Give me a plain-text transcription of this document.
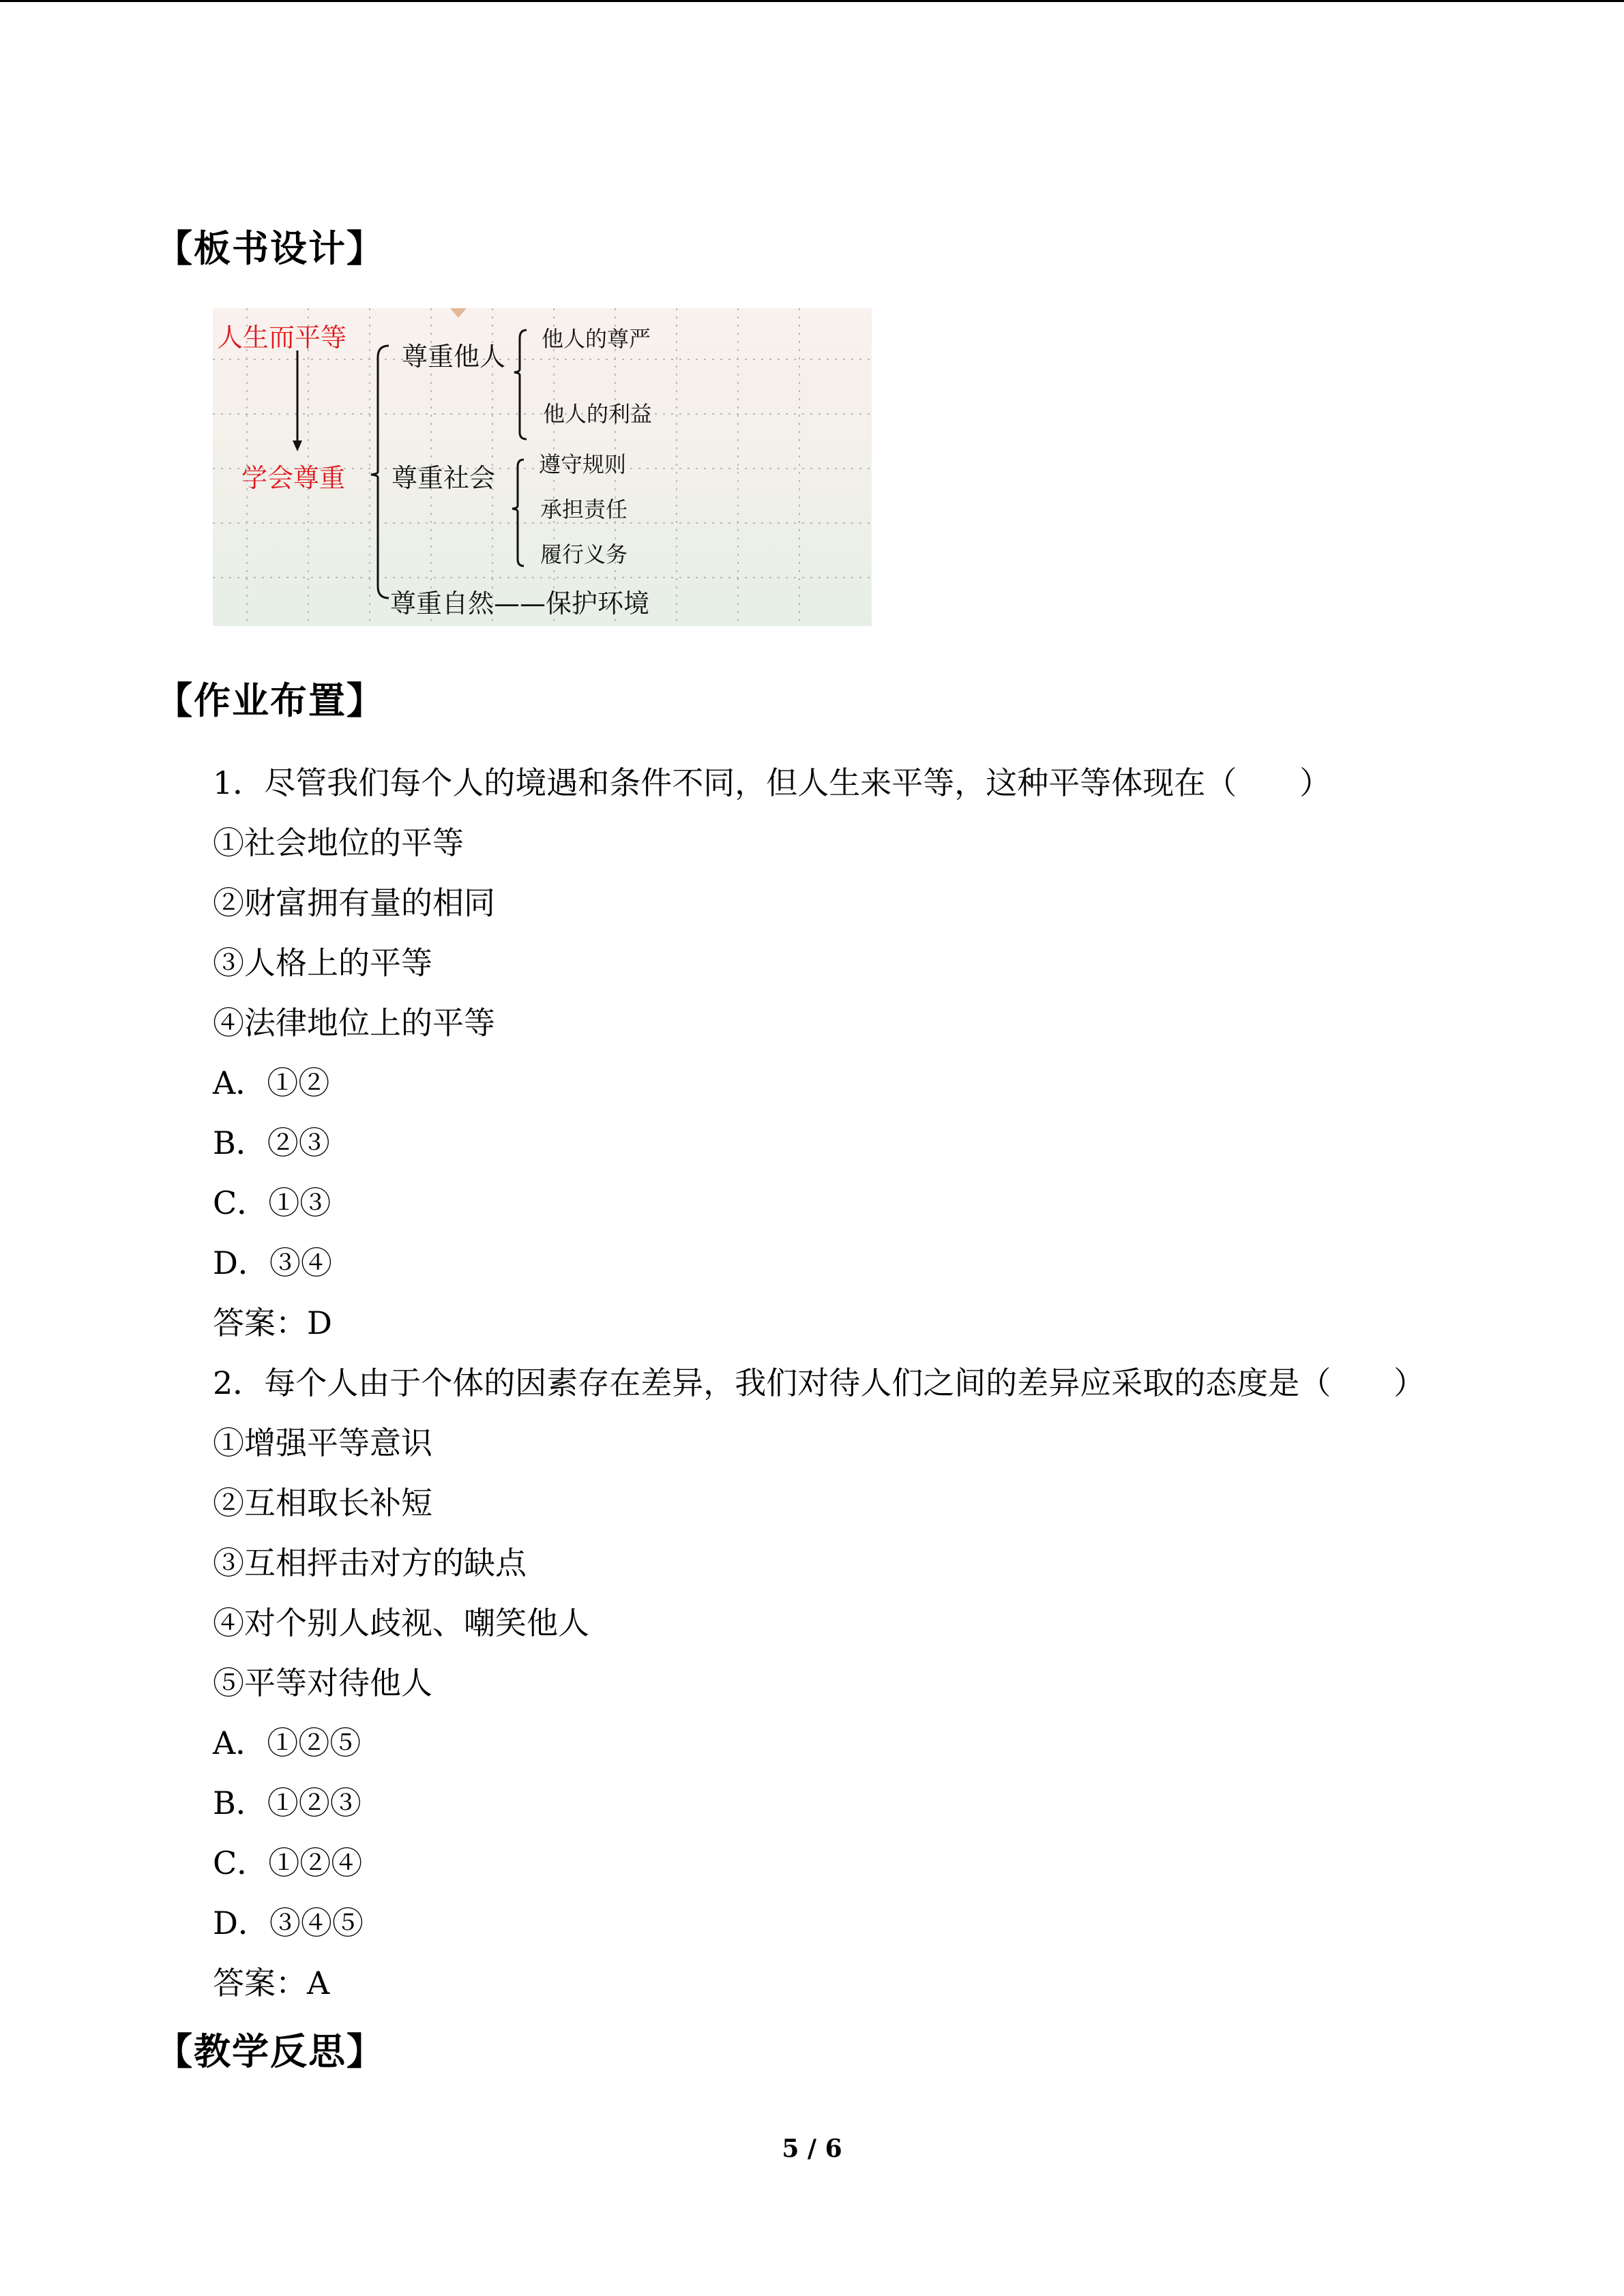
【板书设计】
人生而平等
学会尊重
尊重他人
他人的尊严
他人的利益
尊重社会 遵守规则
承担责任
履行义务
尊重自然——保护环境
【作业布置】
1．尽管我们每个人的境遇和条件不同，但人生来平等，这种平等体现在（　　）
①社会地位的平等
②财富拥有量的相同
③人格上的平等
④法律地位上的平等
A．①②
B．②③
C．①③
D．③④
答案：D
2．每个人由于个体的因素存在差异，我们对待人们之间的差异应采取的态度是（　　）
①增强平等意识
②互相取长补短
③互相抨击对方的缺点
④对个别人歧视、嘲笑他人
⑤平等对待他人
A．①②⑤
B．①②③
C．①②④
D．③④⑤
答案：A
【教学反思】
5 / 6
